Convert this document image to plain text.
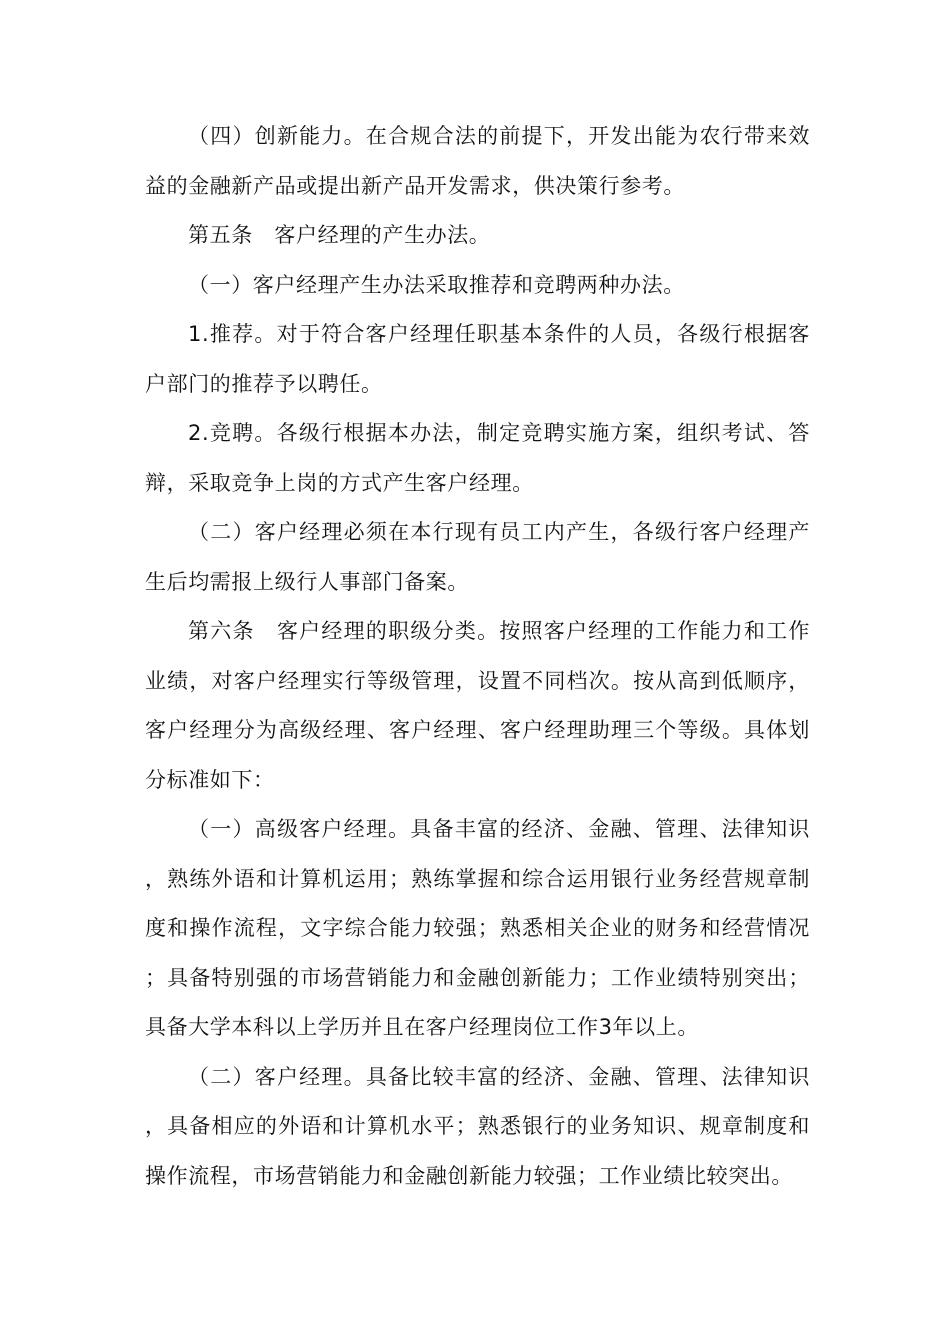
（四）创新能力。在合规合法的前提下，开发出能为农行带来效益的金融新产品或提出新产品开发需求，供决策行参考。

第五条　客户经理的产生办法。

（一）客户经理产生办法采取推荐和竞聘两种办法。

1.推荐。对于符合客户经理任职基本条件的人员，各级行根据客户部门的推荐予以聘任。

2.竞聘。各级行根据本办法，制定竞聘实施方案，组织考试、答辩，采取竞争上岗的方式产生客户经理。

（二）客户经理必须在本行现有员工内产生，各级行客户经理产生后均需报上级行人事部门备案。

第六条　客户经理的职级分类。按照客户经理的工作能力和工作业绩，对客户经理实行等级管理，设置不同档次。按从高到低顺序，客户经理分为高级经理、客户经理、客户经理助理三个等级。具体划分标准如下：

（一）高级客户经理。具备丰富的经济、金融、管理、法律知识，熟练外语和计算机运用；熟练掌握和综合运用银行业务经营规章制度和操作流程，文字综合能力较强；熟悉相关企业的财务和经营情况；具备特别强的市场营销能力和金融创新能力；工作业绩特别突出；具备大学本科以上学历并且在客户经理岗位工作3年以上。

（二）客户经理。具备比较丰富的经济、金融、管理、法律知识，具备相应的外语和计算机水平；熟悉银行的业务知识、规章制度和操作流程，市场营销能力和金融创新能力较强；工作业绩比较突出。
